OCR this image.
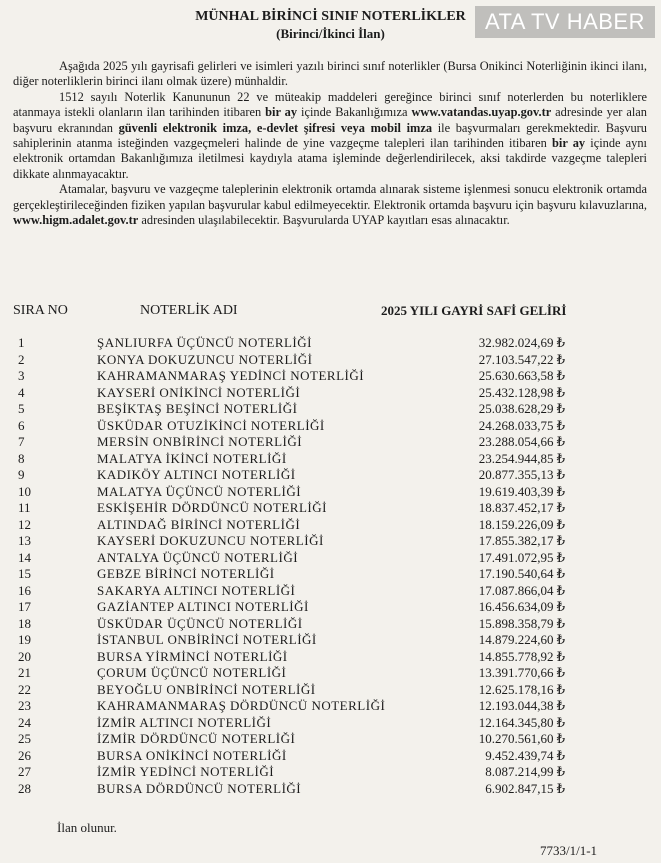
ATA TV HABER
MÜNHAL BİRİNCİ SINIF NOTERLİKLER
(Birinci/İkinci İlan)

Aşağıda 2025 yılı gayrisafi gelirleri ve isimleri yazılı birinci sınıf noterlikler (Bursa Onikinci Noterliğinin ikinci ilanı, diğer noterliklerin birinci ilanı olmak üzere) münhaldir.

1512 sayılı Noterlik Kanununun 22 ve müteakip maddeleri gereğince birinci sınıf noterlerden bu noterliklere atanmaya istekli olanların ilan tarihinden itibaren bir ay içinde Bakanlığımıza www.vatandas.uyap.gov.tr adresinde yer alan başvuru ekranından güvenli elektronik imza, e-devlet şifresi veya mobil imza ile başvurmaları gerekmektedir. Başvuru sahiplerinin atanma isteğinden vazgeçmeleri halinde de yine vazgeçme talepleri ilan tarihinden itibaren bir ay içinde aynı elektronik ortamdan Bakanlığımıza iletilmesi kaydıyla atama işleminde değerlendirilecek, aksi takdirde vazgeçme talepleri dikkate alınmayacaktır.

Atamalar, başvuru ve vazgeçme taleplerinin elektronik ortamda alınarak sisteme işlenmesi sonucu elektronik ortamda gerçekleştirileceğinden fiziken yapılan başvurular kabul edilmeyecektir. Elektronik ortamda başvuru için başvuru kılavuzlarına, www.higm.adalet.gov.tr adresinden ulaşılabilecektir. Başvurularda UYAP kayıtları esas alınacaktır.

SIRA NO	NOTERLİK ADI	2025 YILI GAYRİ SAFİ GELİRİ
1	ŞANLIURFA ÜÇÜNCÜ NOTERLİĞİ	32.982.024,69 ₺
2	KONYA DOKUZUNCU NOTERLİĞİ	27.103.547,22 ₺
3	KAHRAMANMARAŞ YEDİNCİ NOTERLİĞİ	25.630.663,58 ₺
4	KAYSERİ ONİKİNCİ NOTERLİĞİ	25.432.128,98 ₺
5	BEŞİKTAŞ BEŞİNCİ NOTERLİĞİ	25.038.628,29 ₺
6	ÜSKÜDAR OTUZİKİNCİ NOTERLİĞİ	24.268.033,75 ₺
7	MERSİN ONBİRİNCİ NOTERLİĞİ	23.288.054,66 ₺
8	MALATYA İKİNCİ NOTERLİĞİ	23.254.944,85 ₺
9	KADIKÖY ALTINCI NOTERLİĞİ	20.877.355,13 ₺
10	MALATYA ÜÇÜNCÜ NOTERLİĞİ	19.619.403,39 ₺
11	ESKİŞEHİR DÖRDÜNCÜ NOTERLİĞİ	18.837.452,17 ₺
12	ALTINDAĞ BİRİNCİ NOTERLİĞİ	18.159.226,09 ₺
13	KAYSERİ DOKUZUNCU NOTERLİĞİ	17.855.382,17 ₺
14	ANTALYA ÜÇÜNCÜ NOTERLİĞİ	17.491.072,95 ₺
15	GEBZE BİRİNCİ NOTERLİĞİ	17.190.540,64 ₺
16	SAKARYA ALTINCI NOTERLİĞİ	17.087.866,04 ₺
17	GAZİANTEP ALTINCI NOTERLİĞİ	16.456.634,09 ₺
18	ÜSKÜDAR ÜÇÜNCÜ NOTERLİĞİ	15.898.358,79 ₺
19	İSTANBUL ONBİRİNCİ NOTERLİĞİ	14.879.224,60 ₺
20	BURSA YİRMİNCİ NOTERLİĞİ	14.855.778,92 ₺
21	ÇORUM ÜÇÜNCÜ NOTERLİĞİ	13.391.770,66 ₺
22	BEYOĞLU ONBİRİNCİ NOTERLİĞİ	12.625.178,16 ₺
23	KAHRAMANMARAŞ DÖRDÜNCÜ NOTERLİĞİ	12.193.044,38 ₺
24	İZMİR ALTINCI NOTERLİĞİ	12.164.345,80 ₺
25	İZMİR DÖRDÜNCÜ NOTERLİĞİ	10.270.561,60 ₺
26	BURSA ONİKİNCİ NOTERLİĞİ	9.452.439,74 ₺
27	İZMİR YEDİNCİ NOTERLİĞİ	8.087.214,99 ₺
28	BURSA DÖRDÜNCÜ NOTERLİĞİ	6.902.847,15 ₺
İlan olunur.
7733/1/1-1
